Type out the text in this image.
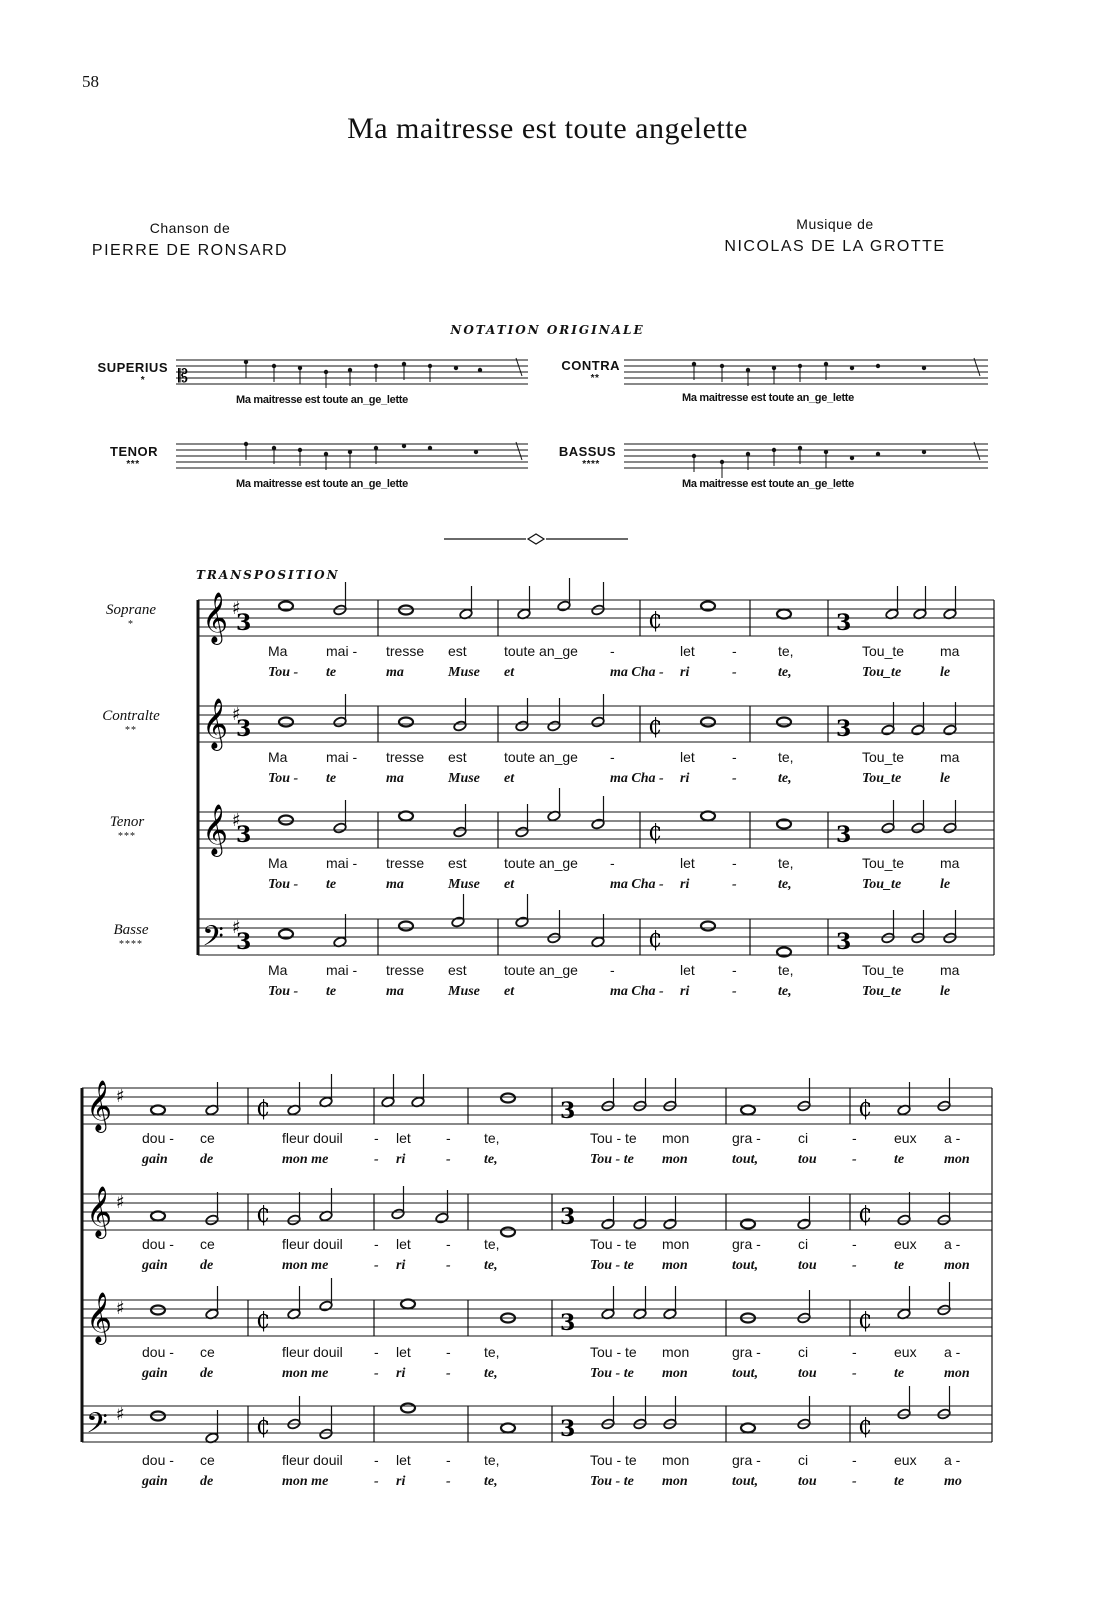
58
Ma maitresse est toute angelette
Chanson de
PIERRE DE RONSARD
Musique de
NICOLAS DE LA GROTTE
NOTATION ORIGINALE
SUPERIUS
*	𝄡
Ma maitresse est toute an_ge_lette
CONTRA
**
Ma maitresse est toute an_ge_lette
TENOR
***
Ma maitresse est toute an_ge_lette
BASSUS
****
Ma maitresse est toute an_ge_lette
TRANSPOSITION
Soprane
*
Contralte
**
Tenor
***
Basse
****
𝄞 ♯
𝄞 ♯
𝄞 ♯
𝄢 ♯
3	3
₵
3	3
₵
3	3
₵
3	3
₵
𝄞 ♯
𝄞 ♯
𝄞 ♯
𝄢 ♯
₵	₵
3
₵	₵
3
₵	₵
3
₵	₵
3
Ma	mai - tresse est	toute an_ge -	let	-	te,	Tou_te	ma
Tou - te	ma	Muse et	ma Cha - ri	-	te,	Tou_te	le
Ma	mai - tresse est	toute an_ge -	let	-	te,	Tou_te	ma
Tou - te	ma	Muse et	ma Cha - ri	-	te,	Tou_te	le
Ma	mai - tresse est	toute an_ge -	let	-	te,	Tou_te	ma
Tou - te	ma	Muse et	ma Cha - ri	-	te,	Tou_te	le
Ma	mai - tresse est	toute an_ge -	let	-	te,	Tou_te	ma
Tou - te	ma	Muse et	ma Cha - ri	-	te,	Tou_te	le
dou - ce	fleur douil - let	- te,	Tou - te mon	gra -	ci	-	eux a -
gain de	mon me	- ri	- te,	Tou - te mon	tout,	tou	-	te	mon
dou - ce	fleur douil - let	- te,	Tou - te mon	gra -	ci	-	eux a -
gain de	mon me	- ri	- te,	Tou - te mon	tout,	tou	-	te	mon
dou - ce	fleur douil - let	- te,	Tou - te mon	gra -	ci	-	eux a -
gain de	mon me	- ri	- te,	Tou - te mon	tout,	tou	-	te	mon
dou - ce	fleur douil - let	- te,	Tou - te mon	gra -	ci	-	eux a -
gain de	mon me	- ri	- te,	Tou - te mon	tout,	tou	-	te	mo
